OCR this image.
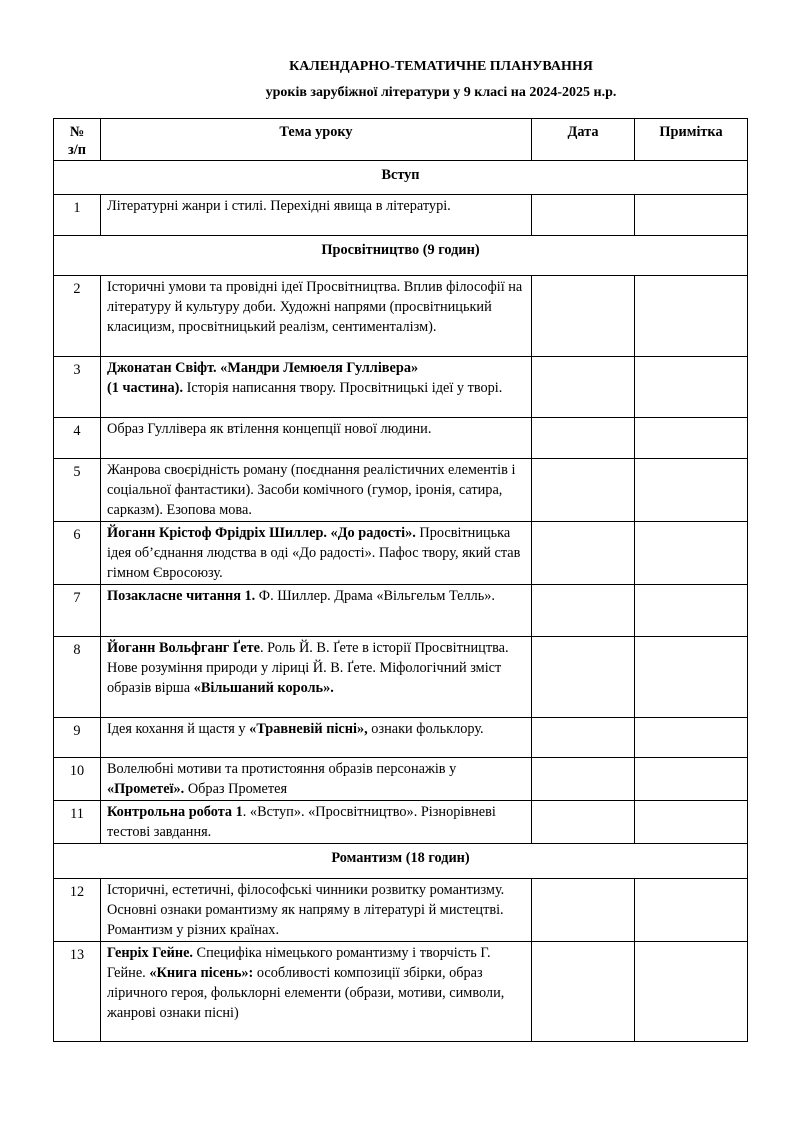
КАЛЕНДАРНО-ТЕМАТИЧНЕ ПЛАНУВАННЯ
уроків зарубіжної літератури у 9 класі на 2024-2025 н.р.
№
з/п	Тема уроку	Дата	Примітка
Вступ			
1	Літературні жанри і стилі. Перехідні явища в літературі.		
Просвітництво (9 годин)			
2	Історичні умови та провідні ідеї Просвітництва. Вплив філософії на літературу й культуру доби. Художні напрями (просвітницький класицизм, просвітницький реалізм, сентименталізм).		
3	Джонатан Свіфт. «Мандри Лемюеля Гуллівера»
(1 частина). Історія написання твору. Просвітницькі ідеї у творі.		
4	Образ Гуллівера як втілення концепції нової людини.		
5	Жанрова своєрідність роману (поєднання реалістичних елементів і соціальної фантастики). Засоби комічного (гумор, іронія, сатира, сарказм). Езопова мова.		
6	Йоганн Крістоф Фрідріх Шиллер. «До радості». Просвітницька ідея об’єднання людства в оді «До радості». Пафос твору, який став гімном Євросоюзу.		
7	Позакласне читання 1. Ф. Шиллер. Драма «Вільгельм Телль».		
8	Йоганн Вольфганг Ґете. Роль Й. В. Ґете в історії Просвітництва. Нове розуміння природи у ліриці Й. В. Ґете. Міфологічний зміст образів вірша «Вільшаний король».		
9	Ідея кохання й щастя у «Травневій пісні», ознаки фольклору.		
10	Волелюбні мотиви та протистояння образів персонажів у «Прометеї». Образ Прометея		
11	Контрольна робота 1. «Вступ». «Просвітництво». Різнорівневі тестові завдання.		
Романтизм (18 годин)			
12	Історичні, естетичні, філософські чинники розвитку романтизму. Основні ознаки романтизму як напряму в літературі й мистецтві. Романтизм у різних країнах.		
13	Генріх Гейне. Специфіка німецького романтизму і творчість Г. Гейне. «Книга пісень»: особливості композиції збірки, образ ліричного героя, фольклорні елементи (образи, мотиви, символи, жанрові ознаки пісні)		
